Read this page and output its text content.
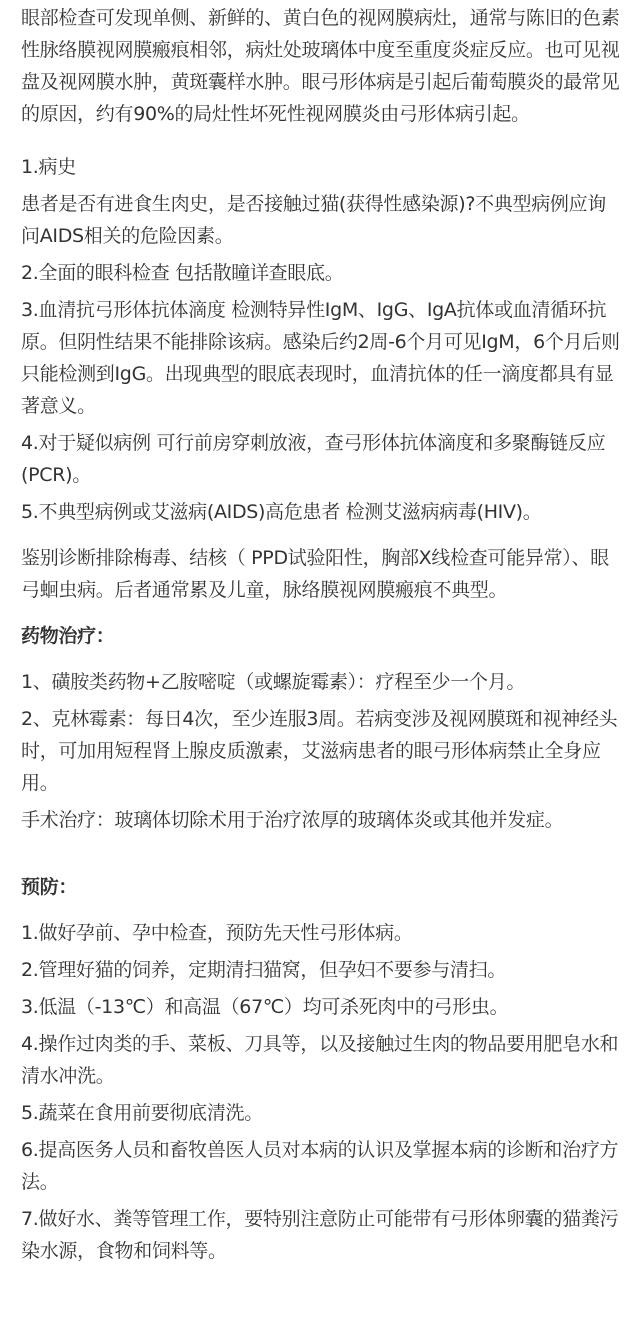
眼部检查可发现单侧、新鲜的、黄白色的视网膜病灶，通常与陈旧的色素性脉络膜视网膜瘢痕相邻，病灶处玻璃体中度至重度炎症反应。也可见视盘及视网膜水肿，黄斑囊样水肿。眼弓形体病是引起后葡萄膜炎的最常见的原因，约有90%的局灶性坏死性视网膜炎由弓形体病引起。

1.病史

患者是否有进食生肉史，是否接触过猫(获得性感染源)?不典型病例应询问AIDS相关的危险因素。

2.全面的眼科检查 包括散瞳详查眼底。

3.血清抗弓形体抗体滴度 检测特异性IgM、IgG、IgA抗体或血清循环抗原。但阴性结果不能排除该病。感染后约2周-6个月可见IgM，6个月后则只能检测到IgG。出现典型的眼底表现时，血清抗体的任一滴度都具有显著意义。

4.对于疑似病例 可行前房穿刺放液，查弓形体抗体滴度和多聚酶链反应(PCR)。

5.不典型病例或艾滋病(AIDS)高危患者 检测艾滋病病毒(HIV)。

鉴别诊断排除梅毒、结核（ PPD试验阳性，胸部X线检查可能异常）、眼弓蛔虫病。后者通常累及儿童，脉络膜视网膜瘢痕不典型。

药物治疗：

1、磺胺类药物+乙胺嘧啶（或螺旋霉素）：疗程至少一个月。

2、克林霉素：每日4次，至少连服3周。若病变涉及视网膜斑和视神经头时，可加用短程肾上腺皮质激素，艾滋病患者的眼弓形体病禁止全身应用。

手术治疗：玻璃体切除术用于治疗浓厚的玻璃体炎或其他并发症。

预防：

1.做好孕前、孕中检查，预防先天性弓形体病。

2.管理好猫的饲养，定期清扫猫窝，但孕妇不要参与清扫。

3.低温（-13℃）和高温（67℃）均可杀死肉中的弓形虫。

4.操作过肉类的手、菜板、刀具等，以及接触过生肉的物品要用肥皂水和清水冲洗。

5.蔬菜在食用前要彻底清洗。

6.提高医务人员和畜牧兽医人员对本病的认识及掌握本病的诊断和治疗方法。

7.做好水、粪等管理工作，要特别注意防止可能带有弓形体卵囊的猫粪污染水源，食物和饲料等。
